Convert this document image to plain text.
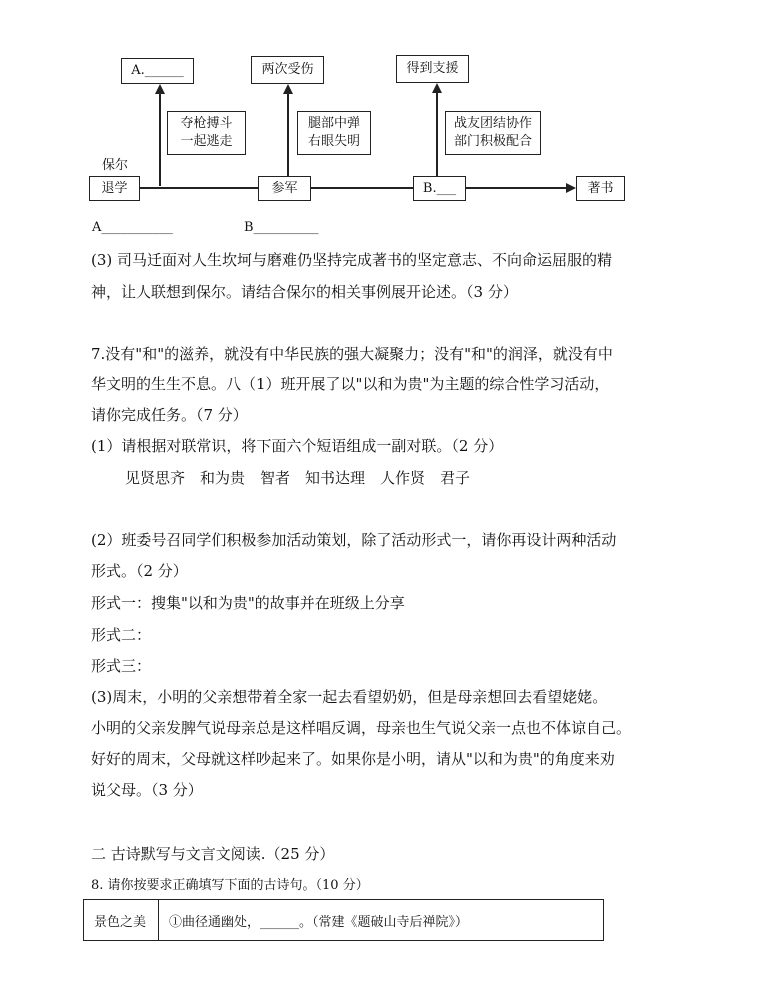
A.______	两次受伤	得到支援
夺枪搏斗
一起逃走
腿部中弹
右眼失明
战友团结协作
部门积极配合
保尔
退学	参军	B.___	著书
A___________	B__________
(3) 司马迁面对人生坎坷与磨难仍坚持完成著书的坚定意志、不向命运屈服的精
神，让人联想到保尔。请结合保尔的相关事例展开论述。（3 分）
7.没有"和"的滋养，就没有中华民族的强大凝聚力；没有"和"的润泽，就没有中
华文明的生生不息。八（1）班开展了以"以和为贵"为主题的综合性学习活动，
请你完成任务。（7 分）
(1）请根据对联常识，将下面六个短语组成一副对联。（2 分）
见贤思齐　和为贵　智者　知书达理　人作贤　君子
(2）班委号召同学们积极参加活动策划，除了活动形式一，请你再设计两种活动
形式。（2 分）
形式一：搜集"以和为贵"的故事并在班级上分享
形式二：
形式三：
(3)周末，小明的父亲想带着全家一起去看望奶奶，但是母亲想回去看望姥姥。
小明的父亲发脾气说母亲总是这样唱反调，母亲也生气说父亲一点也不体谅自己。
好好的周末，父母就这样吵起来了。如果你是小明，请从"以和为贵"的角度来劝
说父母。（3 分）
二 古诗默写与文言文阅读.（25 分）
8. 请你按要求正确填写下面的古诗句。（10 分）
景色之美	①曲径通幽处，______。（常建《题破山寺后禅院》）
